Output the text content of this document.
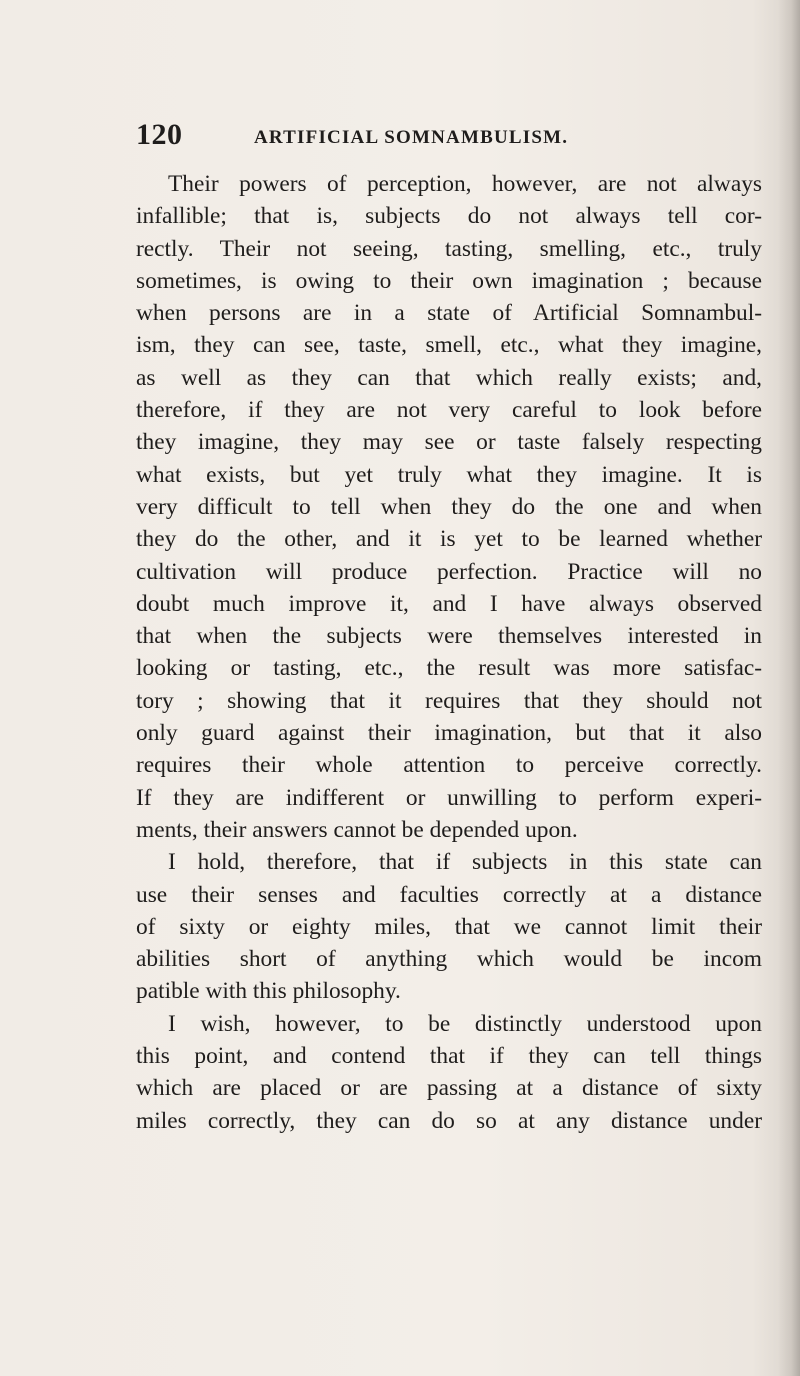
120	ARTIFICIAL SOMNAMBULISM.
Their powers of perception, however, are not always
infallible; that is, subjects do not always tell cor-
rectly. Their not seeing, tasting, smelling, etc., truly
sometimes, is owing to their own imagination ; because
when persons are in a state of Artificial Somnambul-
ism, they can see, taste, smell, etc., what they imagine,
as well as they can that which really exists; and,
therefore, if they are not very careful to look before
they imagine, they may see or taste falsely respecting
what exists, but yet truly what they imagine. It is
very difficult to tell when they do the one and when
they do the other, and it is yet to be learned whether
cultivation will produce perfection. Practice will no
doubt much improve it, and I have always observed
that when the subjects were themselves interested in
looking or tasting, etc., the result was more satisfac-
tory ; showing that it requires that they should not
only guard against their imagination, but that it also
requires their whole attention to perceive correctly.
If they are indifferent or unwilling to perform experi-
ments, their answers cannot be depended upon.
I hold, therefore, that if subjects in this state can
use their senses and faculties correctly at a distance
of sixty or eighty miles, that we cannot limit their
abilities short of anything which would be incom
patible with this philosophy.
I wish, however, to be distinctly understood upon
this point, and contend that if they can tell things
which are placed or are passing at a distance of sixty
miles correctly, they can do so at any distance under
